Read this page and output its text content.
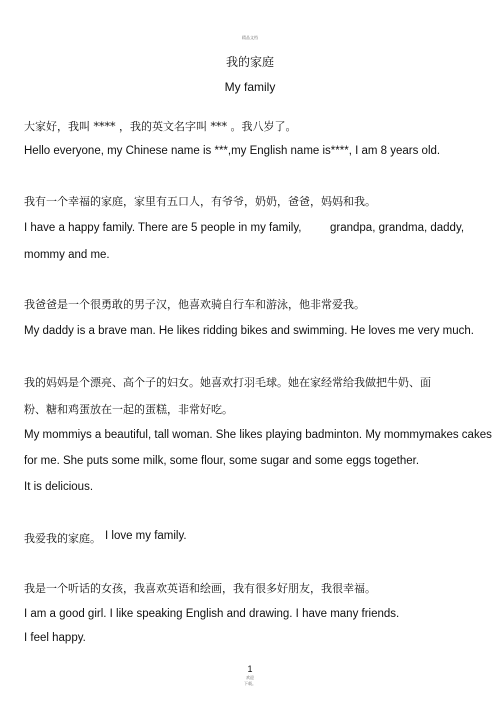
精品文档
我的家庭
My family
大家好，我叫 **** ，我的英文名字叫 *** 。我八岁了。
Hello everyone, my Chinese name is ***,my English name is****, I am 8 years old.
我有一个幸福的家庭，家里有五口人，有爷爷，奶奶，爸爸，妈妈和我。
I have a happy family. There are 5 people in my family, grandpa, grandma, daddy,
mommy and me.
我爸爸是一个很勇敢的男子汉，他喜欢骑自行车和游泳，他非常爱我。
My daddy is a brave man. He likes ridding bikes and swimming. He loves me very much.
我的妈妈是个漂亮、高个子的妇女。她喜欢打羽毛球。她在家经常给我做把牛奶、面
粉、糖和鸡蛋放在一起的蛋糕，非常好吃。
My mommiys a beautiful, tall woman. She likes playing badminton. My mommymakes cakes
for me. She puts some milk, some flour, some sugar and some eggs together.
It is delicious.
我爱我的家庭。 I love my family.
我是一个听话的女孩，我喜欢英语和绘画，我有很多好朋友，我很幸福。
I am a good girl. I like speaking English and drawing. I have many friends.
I feel happy.
1
欢迎
下载。
